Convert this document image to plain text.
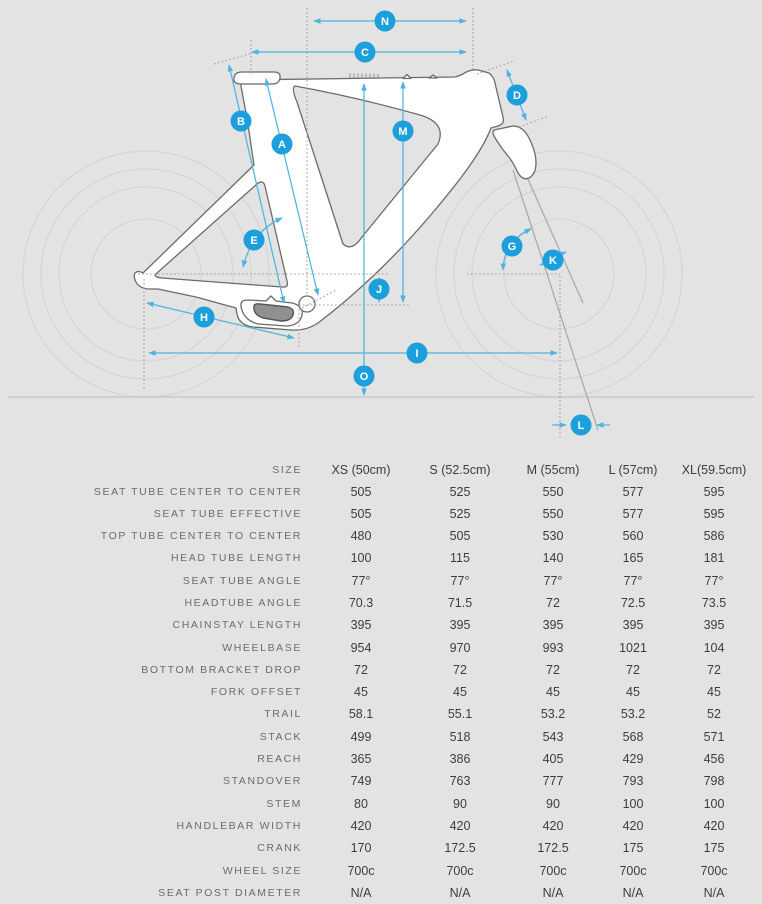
N
C
D
B
A
M
E	G
K
J
H
I
O
L
SIZE	XS (50cm)	S (52.5cm)	M (55cm)	L (57cm)	XL(59.5cm)
SEAT TUBE CENTER TO CENTER	505	525	550	577	595
SEAT TUBE EFFECTIVE	505	525	550	577	595
TOP TUBE CENTER TO CENTER	480	505	530	560	586
HEAD TUBE LENGTH	100	115	140	165	181
SEAT TUBE ANGLE	77°	77°	77°	77°	77°
HEADTUBE ANGLE	70.3	71.5	72	72.5	73.5
CHAINSTAY LENGTH	395	395	395	395	395
WHEELBASE	954	970	993	1021	104
BOTTOM BRACKET DROP	72	72	72	72	72
FORK OFFSET	45	45	45	45	45
TRAIL	58.1	55.1	53.2	53.2	52
STACK	499	518	543	568	571
REACH	365	386	405	429	456
STANDOVER	749	763	777	793	798
STEM	80	90	90	100	100
HANDLEBAR WIDTH	420	420	420	420	420
CRANK	170	172.5	172.5	175	175
WHEEL SIZE	700c	700c	700c	700c	700c
SEAT POST DIAMETER	N/A	N/A	N/A	N/A	N/A
